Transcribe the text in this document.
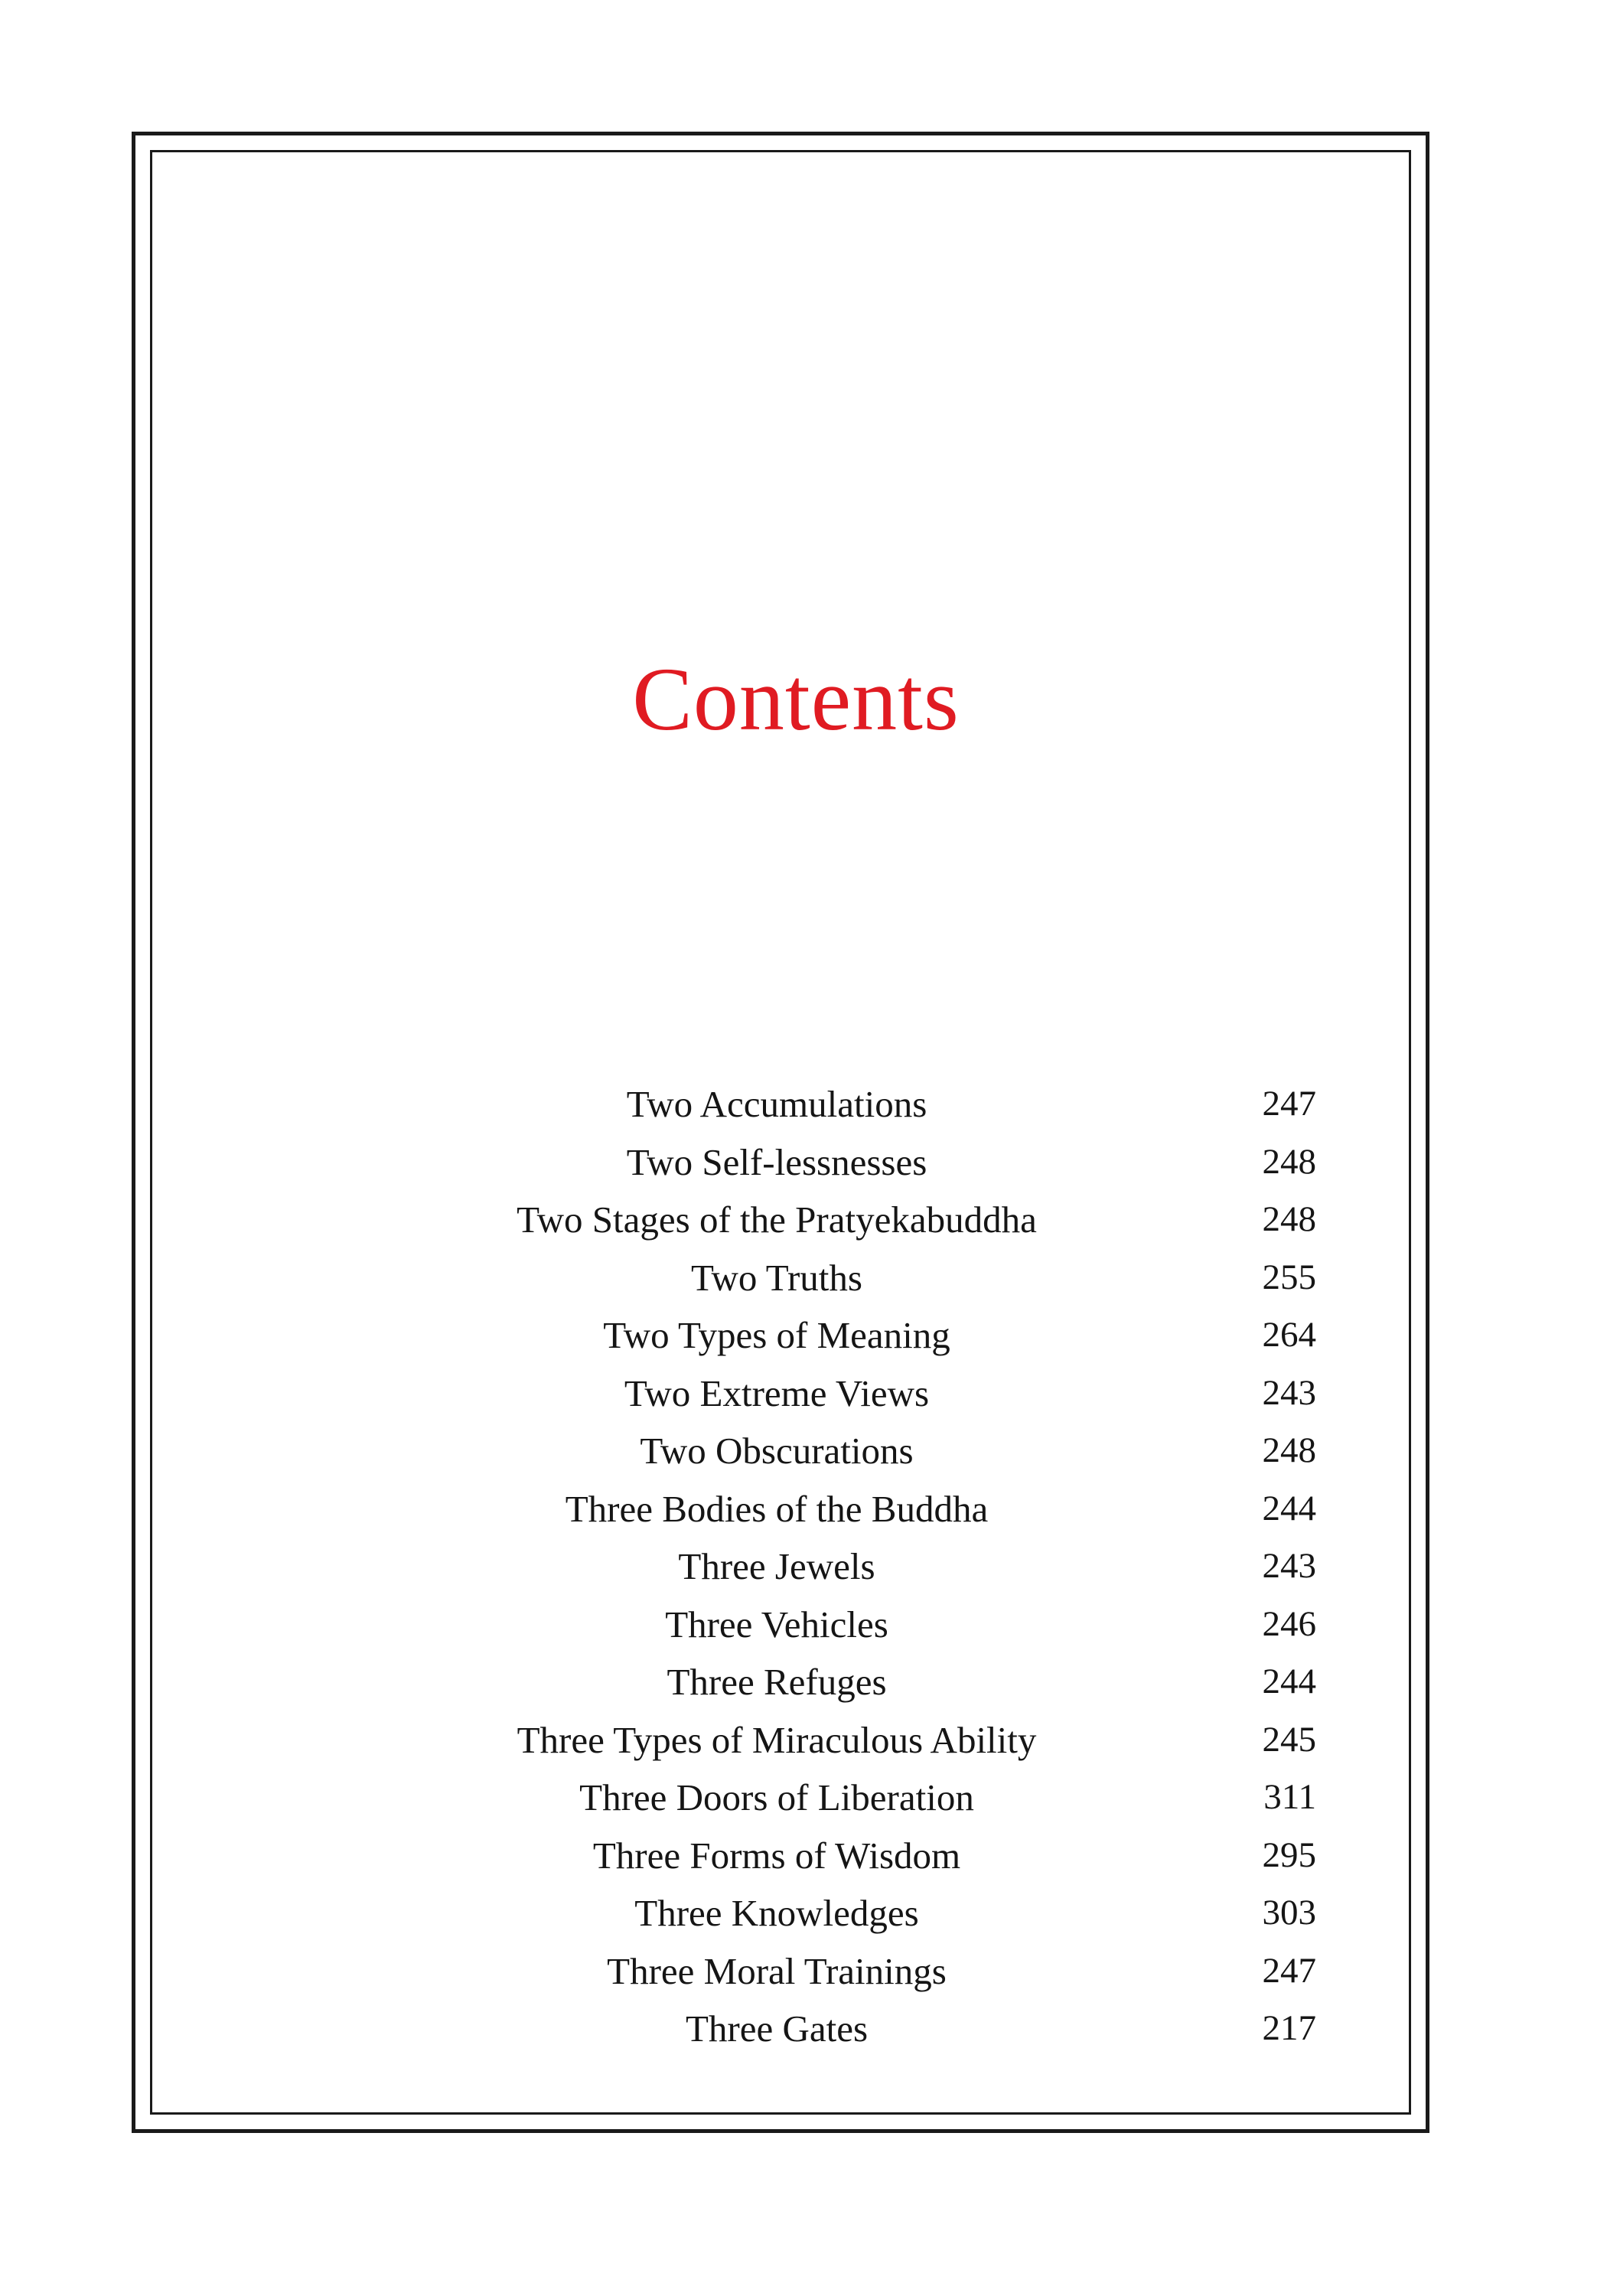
Contents
Two Accumulations	247
Two Self-lessnesses	248
Two Stages of the Pratyekabuddha	248
Two Truths	255
Two Types of Meaning	264
Two Extreme Views	243
Two Obscurations	248
Three Bodies of the Buddha	244
Three Jewels	243
Three Vehicles	246
Three Refuges	244
Three Types of Miraculous Ability	245
Three Doors of Liberation	311
Three Forms of Wisdom	295
Three Knowledges	303
Three Moral Trainings	247
Three Gates	217
